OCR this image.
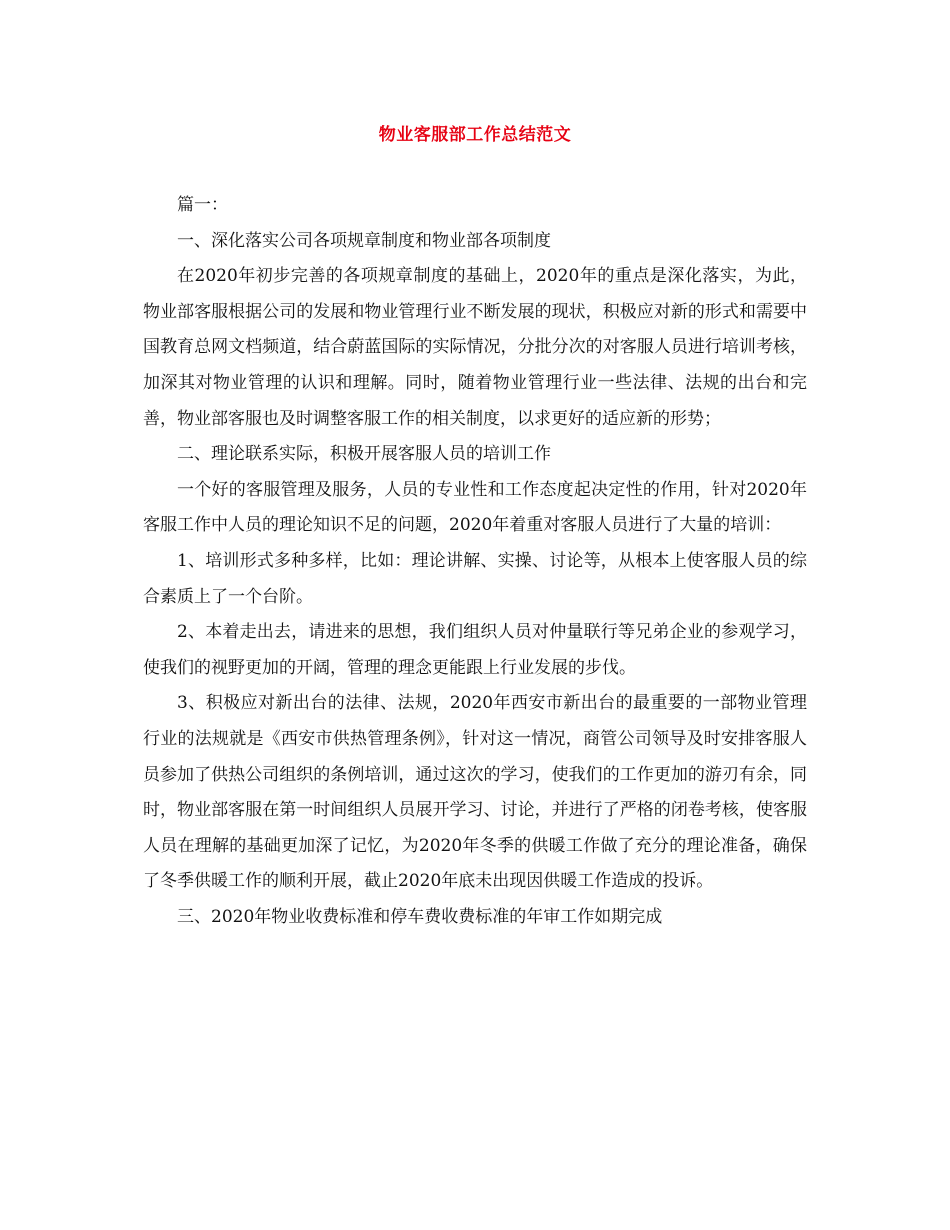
物业客服部工作总结范文

篇一：

一、深化落实公司各项规章制度和物业部各项制度

在2020年初步完善的各项规章制度的基础上，2020年的重点是深化落实，为此，物业部客服根据公司的发展和物业管理行业不断发展的现状，积极应对新的形式和需要中国教育总网文档频道，结合蔚蓝国际的实际情况，分批分次的对客服人员进行培训考核，加深其对物业管理的认识和理解。同时，随着物业管理行业一些法律、法规的出台和完善，物业部客服也及时调整客服工作的相关制度，以求更好的适应新的形势；

二、理论联系实际，积极开展客服人员的培训工作

一个好的客服管理及服务，人员的专业性和工作态度起决定性的作用，针对2020年客服工作中人员的理论知识不足的问题，2020年着重对客服人员进行了大量的培训：

1、培训形式多种多样，比如：理论讲解、实操、讨论等，从根本上使客服人员的综合素质上了一个台阶。

2、本着走出去，请进来的思想，我们组织人员对仲量联行等兄弟企业的参观学习，使我们的视野更加的开阔，管理的理念更能跟上行业发展的步伐。

3、积极应对新出台的法律、法规，2020年西安市新出台的最重要的一部物业管理行业的法规就是《西安市供热管理条例》，针对这一情况，商管公司领导及时安排客服人员参加了供热公司组织的条例培训，通过这次的学习，使我们的工作更加的游刃有余，同时，物业部客服在第一时间组织人员展开学习、讨论，并进行了严格的闭卷考核，使客服人员在理解的基础更加深了记忆，为2020年冬季的供暖工作做了充分的理论准备，确保了冬季供暖工作的顺利开展，截止2020年底未出现因供暖工作造成的投诉。

三、2020年物业收费标准和停车费收费标准的年审工作如期完成
